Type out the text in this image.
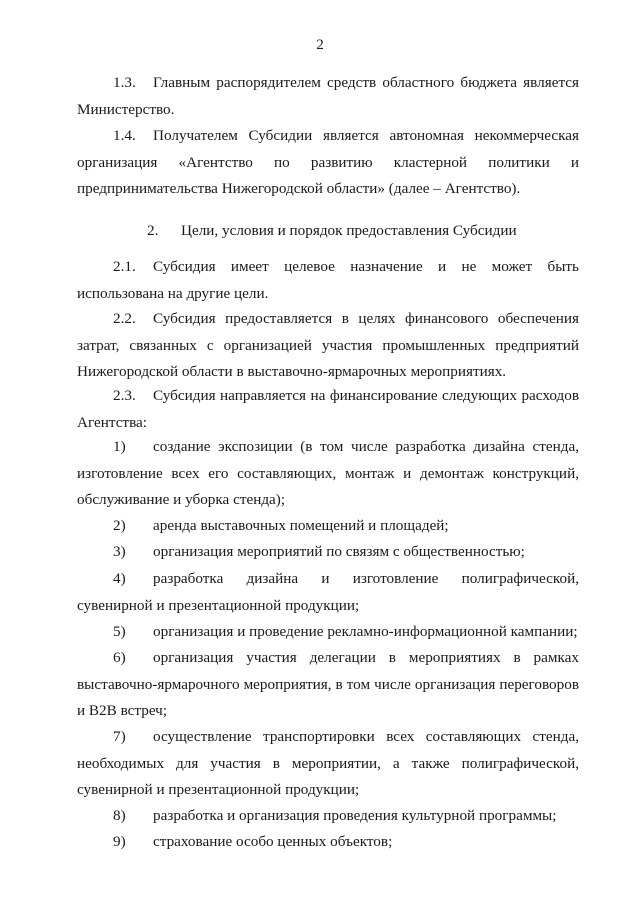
2
1.3. Главным распорядителем средств областного бюджета является Министерство.
1.4. Получателем Субсидии является автономная некоммерческая организация «Агентство по развитию кластерной политики и предпринимательства Нижегородской области» (далее – Агентство).
2. Цели, условия и порядок предоставления Субсидии
2.1. Субсидия имеет целевое назначение и не может быть использована на другие цели.
2.2. Субсидия предоставляется в целях финансового обеспечения затрат, связанных с организацией участия промышленных предприятий Нижегородской области в выставочно-ярмарочных мероприятиях.
2.3. Субсидия направляется на финансирование следующих расходов Агентства:
1) создание экспозиции (в том числе разработка дизайна стенда, изготовление всех его составляющих, монтаж и демонтаж конструкций, обслуживание и уборка стенда);
2) аренда выставочных помещений и площадей;
3) организация мероприятий по связям с общественностью;
4) разработка дизайна и изготовление полиграфической, сувенирной и презентационной продукции;
5) организация и проведение рекламно-информационной кампании;
6) организация участия делегации в мероприятиях в рамках выставочно-ярмарочного мероприятия, в том числе организация переговоров и B2B встреч;
7) осуществление транспортировки всех составляющих стенда, необходимых для участия в мероприятии, а также полиграфической, сувенирной и презентационной продукции;
8) разработка и организация проведения культурной программы;
9) страхование особо ценных объектов;
